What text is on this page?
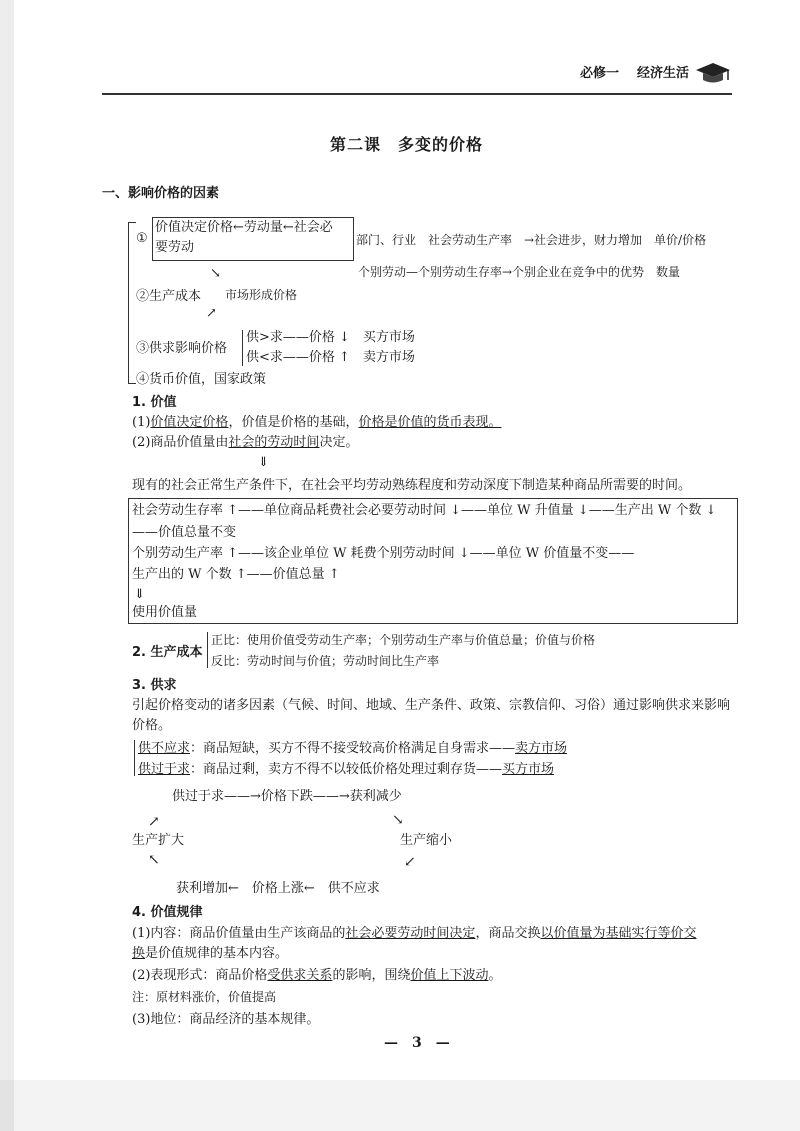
必修一 经济生活
第二课　多变的价格
一、影响价格的因素
①
价值决定价格←劳动量←社会必
要劳动	部门、行业　社会劳动生产率　→社会进步，财力增加　单价/价格
个别劳动—个别劳动生存率→个别企业在竞争中的优势　数量
↘
②生产成本 市场形成价格
↗
③供求影响价格
供>求——价格 ↓　买方市场
供<求——价格 ↑　卖方市场
④货币价值，国家政策
1. 价值
(1)价值决定价格，价值是价格的基础，价格是价值的货币表现。
(2)商品价值量由社会的劳动时间决定。
⇓
现有的社会正常生产条件下，在社会平均劳动熟练程度和劳动深度下制造某种商品所需要的时间。
社会劳动生存率 ↑——单位商品耗费社会必要劳动时间 ↓——单位 W 升值量 ↓——生产出 W 个数 ↓
——价值总量不变
个别劳动生产率 ↑——该企业单位 W 耗费个别劳动时间 ↓——单位 W 价值量不变——
生产出的 W 个数 ↑——价值总量 ↑
⇓
使用价值量
2. 生产成本
正比：使用价值受劳动生产率；个别劳动生产率与价值总量；价值与价格
反比：劳动时间与价值；劳动时间比生产率
3. 供求
引起价格变动的诸多因素（气候、时间、地域、生产条件、政策、宗教信仰、习俗）通过影响供求来影响
价格。
供不应求：商品短缺，买方不得不接受较高价格满足自身需求——卖方市场
供过于求：商品过剩，卖方不得不以较低价格处理过剩存货——买方市场
供过于求——→价格下跌——→获利减少
↗	↘
生产扩大	生产缩小
↖	↙
获利增加←　价格上涨←　供不应求
4. 价值规律
(1)内容：商品价值量由生产该商品的社会必要劳动时间决定，商品交换以价值量为基础实行等价交
换是价值规律的基本内容。
(2)表现形式：商品价格受供求关系的影响，围绕价值上下波动。
注：原材料涨价，价值提高
(3)地位：商品经济的基本规律。
—　3　—
